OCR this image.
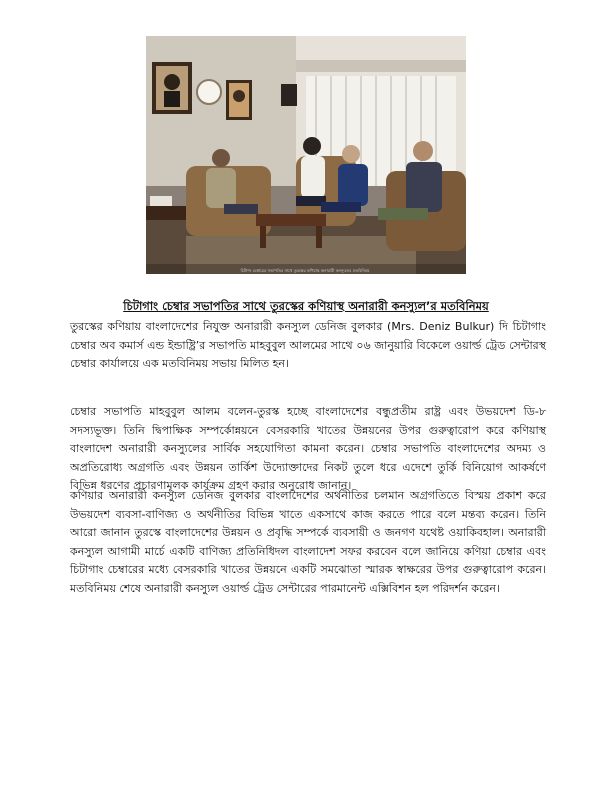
চিটাগং চেম্বারের সভাপতির সাথে তুরস্কের কণিয়াস্থ অনারারী কনস্যুলের মতবিনিময়
চিটাগাং চেম্বার সভাপতির সাথে তুরস্কের কণিয়াস্থ অনারারী কনস্যুল’র মতবিনিময়

তুরস্কের কণিয়ায় বাংলাদেশের নিযুক্ত অনারারী কনস্যুল ডেনিজ বুলকার (Mrs. Deniz Bulkur) দি চিটাগাং চেম্বার অব কমার্স এন্ড ইন্ডাষ্ট্রি’র সভাপতি মাহবুবুল আলমের সাথে ০৬ জানুয়ারি বিকেলে ওয়ার্ল্ড ট্রেড সেন্টারস্থ চেম্বার কার্যালয়ে এক মতবিনিময় সভায় মিলিত হন।

চেম্বার সভাপতি মাহবুবুল আলম বলেন-তুরস্ক হচ্ছে বাংলাদেশের বন্ধুপ্রতীম রাষ্ট্র এবং উভয়দেশ ডি-৮ সদস্যভূক্ত। তিনি দ্বিপাক্ষিক সম্পর্কোন্নয়নে বেসরকারি খাতের উন্নয়নের উপর গুরুত্বারোপ করে কণিয়াস্থ বাংলাদেশ অনারারী কনস্যুলের সার্বিক সহযোগিতা কামনা করেন। চেম্বার সভাপতি বাংলাদেশের অদম্য ও অপ্রতিরোধ্য অগ্রগতি এবং উন্নয়ন তার্কিশ উদ্যোক্তাদের নিকট তুলে ধরে এদেশে তুর্কি বিনিয়োগ আকর্ষণে বিভিন্ন ধরণের প্রচারণামূলক কার্যক্রম গ্রহণ করার অনুরোধ জানান।

কণিয়ার অনারারী কনস্যুল ডেনিজ বুলকার বাংলাদেশের অর্থনীতির চলমান অগ্রগতিতে বিস্ময় প্রকাশ করে উভয়দেশ ব্যবসা-বাণিজ্য ও অর্থনীতির বিভিন্ন খাতে একসাথে কাজ করতে পারে বলে মন্তব্য করেন। তিনি আরো জানান তুরস্কে বাংলাদেশের উন্নয়ন ও প্রবৃদ্ধি সম্পর্কে ব্যবসায়ী ও জনগণ যথেষ্ট ওয়াকিবহাল। অনারারী কনস্যুল আগামী মার্চে একটি বাণিজ্য প্রতিনিধিদল বাংলাদেশ সফর করবেন বলে জানিয়ে কণিয়া চেম্বার এবং চিটাগাং চেম্বারের মধ্যে বেসরকারি খাতের উন্নয়নে একটি সমঝোতা স্মারক স্বাক্ষরের উপর গুরুত্বারোপ করেন। মতবিনিময় শেষে অনারারী কনস্যুল ওয়ার্ল্ড ট্রেড সেন্টারের পারমানেন্ট এক্সিবিশন হল পরিদর্শন করেন।
